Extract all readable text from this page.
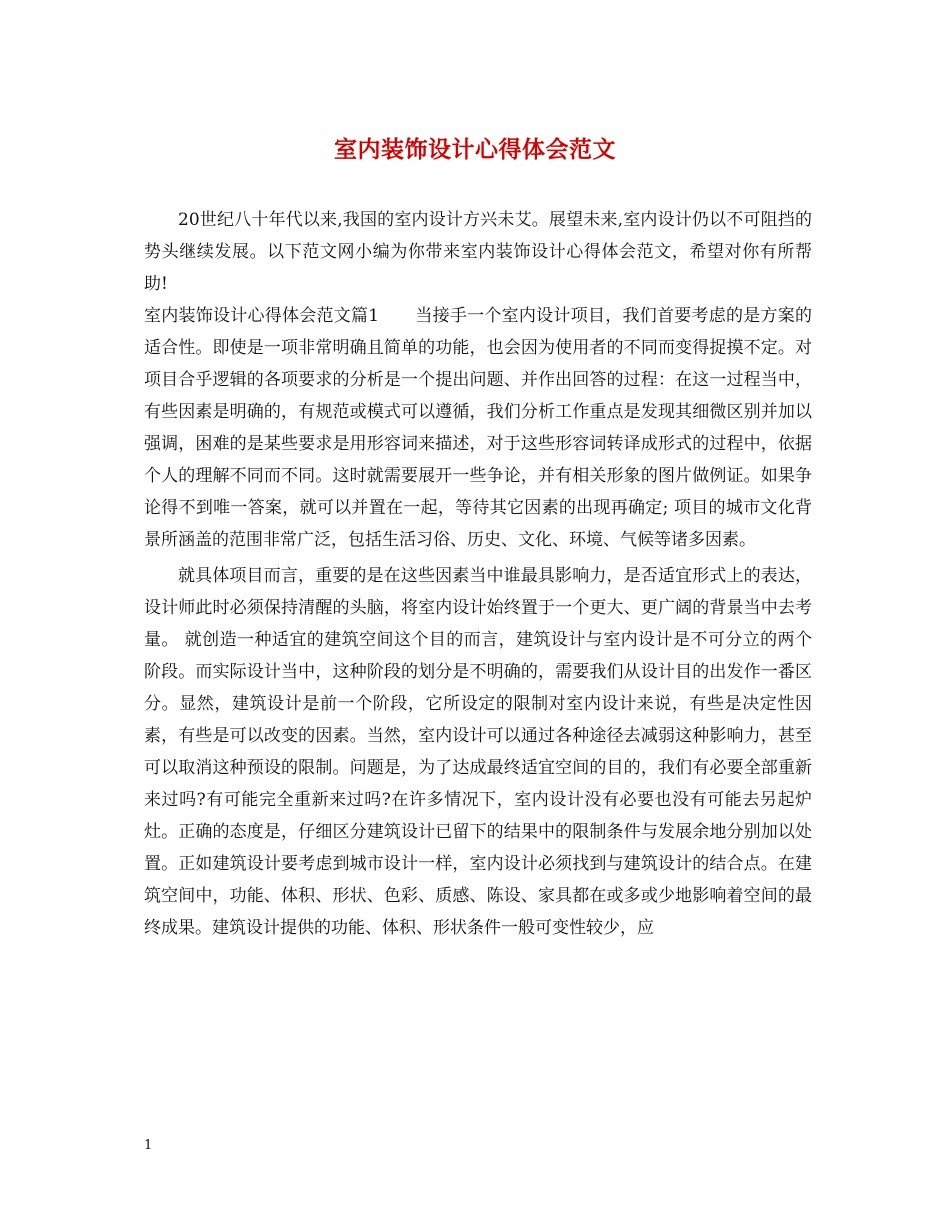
室内装饰设计心得体会范文

20世纪八十年代以来,我国的室内设计方兴未艾。展望未来,室内设计仍以不可阻挡的势头继续发展。以下范文网小编为你带来室内装饰设计心得体会范文，希望对你有所帮助!

室内装饰设计心得体会范文篇1 当接手一个室内设计项目，我们首要考虑的是方案的适合性。即使是一项非常明确且简单的功能，也会因为使用者的不同而变得捉摸不定。对项目合乎逻辑的各项要求的分析是一个提出问题、并作出回答的过程：在这一过程当中，有些因素是明确的，有规范或模式可以遵循，我们分析工作重点是发现其细微区别并加以强调，困难的是某些要求是用形容词来描述，对于这些形容词转译成形式的过程中，依据个人的理解不同而不同。这时就需要展开一些争论，并有相关形象的图片做例证。如果争论得不到唯一答案，就可以并置在一起，等待其它因素的出现再确定; 项目的城市文化背景所涵盖的范围非常广泛，包括生活习俗、历史、文化、环境、气候等诸多因素。

就具体项目而言，重要的是在这些因素当中谁最具影响力，是否适宜形式上的表达，设计师此时必须保持清醒的头脑，将室内设计始终置于一个更大、更广阔的背景当中去考量。 就创造一种适宜的建筑空间这个目的而言，建筑设计与室内设计是不可分立的两个阶段。而实际设计当中，这种阶段的划分是不明确的，需要我们从设计目的出发作一番区分。显然，建筑设计是前一个阶段，它所设定的限制对室内设计来说，有些是决定性因素，有些是可以改变的因素。当然，室内设计可以通过各种途径去减弱这种影响力，甚至可以取消这种预设的限制。问题是，为了达成最终适宜空间的目的，我们有必要全部重新来过吗?有可能完全重新来过吗?在许多情况下，室内设计没有必要也没有可能去另起炉灶。正确的态度是，仔细区分建筑设计已留下的结果中的限制条件与发展余地分别加以处置。正如建筑设计要考虑到城市设计一样，室内设计必须找到与建筑设计的结合点。在建筑空间中，功能、体积、形状、色彩、质感、陈设、家具都在或多或少地影响着空间的最终成果。建筑设计提供的功能、体积、形状条件一般可变性较少，应

1
